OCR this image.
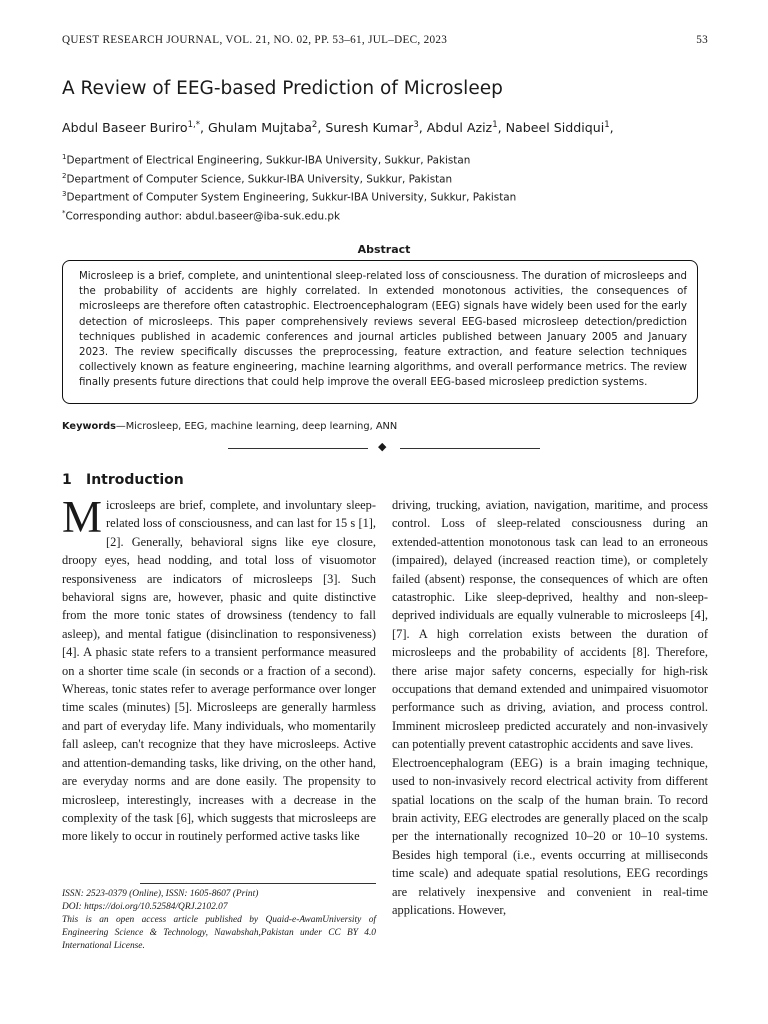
QUEST RESEARCH JOURNAL, VOL. 21, NO. 02, PP. 53–61, JUL–DEC, 2023	53
A Review of EEG-based Prediction of Microsleep
Abdul Baseer Buriro$^{1,*}$, Ghulam Mujtaba$^2$, Suresh Kumar$^3$, Abdul Aziz$^1$, Nabeel Siddiqui$^1$,
$^1$Department of Electrical Engineering, Sukkur-IBA University, Sukkur, Pakistan
$^2$Department of Computer Science, Sukkur-IBA University, Sukkur, Pakistan
$^3$Department of Computer System Engineering, Sukkur-IBA University, Sukkur, Pakistan
*Corresponding author: abdul.baseer@iba-suk.edu.pk
Abstract
Microsleep is a brief, complete, and unintentional sleep-related loss of consciousness. The duration of microsleeps and the probability of accidents are highly correlated. In extended monotonous activities, the consequences of microsleeps are therefore often catastrophic. Electroencephalogram (EEG) signals have widely been used for the early detection of microsleeps. This paper comprehensively reviews several EEG-based microsleep detection/prediction techniques published in academic conferences and journal articles published between January 2005 and January 2023. The review specifically discusses the preprocessing, feature extraction, and feature selection techniques collectively known as feature engineering, machine learning algorithms, and overall performance metrics. The review finally presents future directions that could help improve the overall EEG-based microsleep prediction systems.
Keywords—Microsleep, EEG, machine learning, deep learning, ANN
◆
1 Introduction

Microsleeps are brief, complete, and involuntary sleep-related loss of consciousness, and can last for 15 s [1], [2]. Generally, behavioral signs like eye closure, droopy eyes, head nodding, and total loss of visuomotor responsiveness are indicators of microsleeps [3]. Such behavioral signs are, however, phasic and quite distinctive from the more tonic states of drowsiness (tendency to fall asleep), and mental fatigue (disinclination to responsiveness) [4]. A phasic state refers to a transient performance measured on a shorter time scale (in seconds or a fraction of a second). Whereas, tonic states refer to average performance over longer time scales (minutes) [5]. Microsleeps are generally harmless and part of everyday life. Many individuals, who momentarily fall asleep, can't recognize that they have microsleeps. Active and attention-demanding tasks, like driving, on the other hand, are everyday norms and are done easily. The propensity to microsleep, interestingly, increases with a decrease in the complexity of the task [6], which suggests that microsleeps are more likely to occur in routinely performed active tasks like

driving, trucking, aviation, navigation, maritime, and process control. Loss of sleep-related consciousness during an extended-attention monotonous task can lead to an erroneous (impaired), delayed (increased reaction time), or completely failed (absent) response, the consequences of which are often catastrophic. Like sleep-deprived, healthy and non-sleep-deprived individuals are equally vulnerable to microsleeps [4], [7]. A high correlation exists between the duration of microsleeps and the probability of accidents [8]. Therefore, there arise major safety concerns, especially for high-risk occupations that demand extended and unimpaired visuomotor performance such as driving, aviation, and process control. Imminent microsleep predicted accurately and non-invasively can potentially prevent catastrophic accidents and save lives.

Electroencephalogram (EEG) is a brain imaging technique, used to non-invasively record electrical activity from different spatial locations on the scalp of the human brain. To record brain activity, EEG electrodes are generally placed on the scalp per the internationally recognized 10–20 or 10–10 systems. Besides high temporal (i.e., events occurring at milliseconds time scale) and adequate spatial resolutions, EEG recordings are relatively inexpensive and convenient in real-time applications. However,

ISSN: 2523-0379 (Online), ISSN: 1605-8607 (Print)
DOI: https://doi.org/10.52584/QRJ.2102.07
This is an open access article published by Quaid-e-AwamUniversity of Engineering Science & Technology, Nawabshah,Pakistan under CC BY 4.0 International License.
